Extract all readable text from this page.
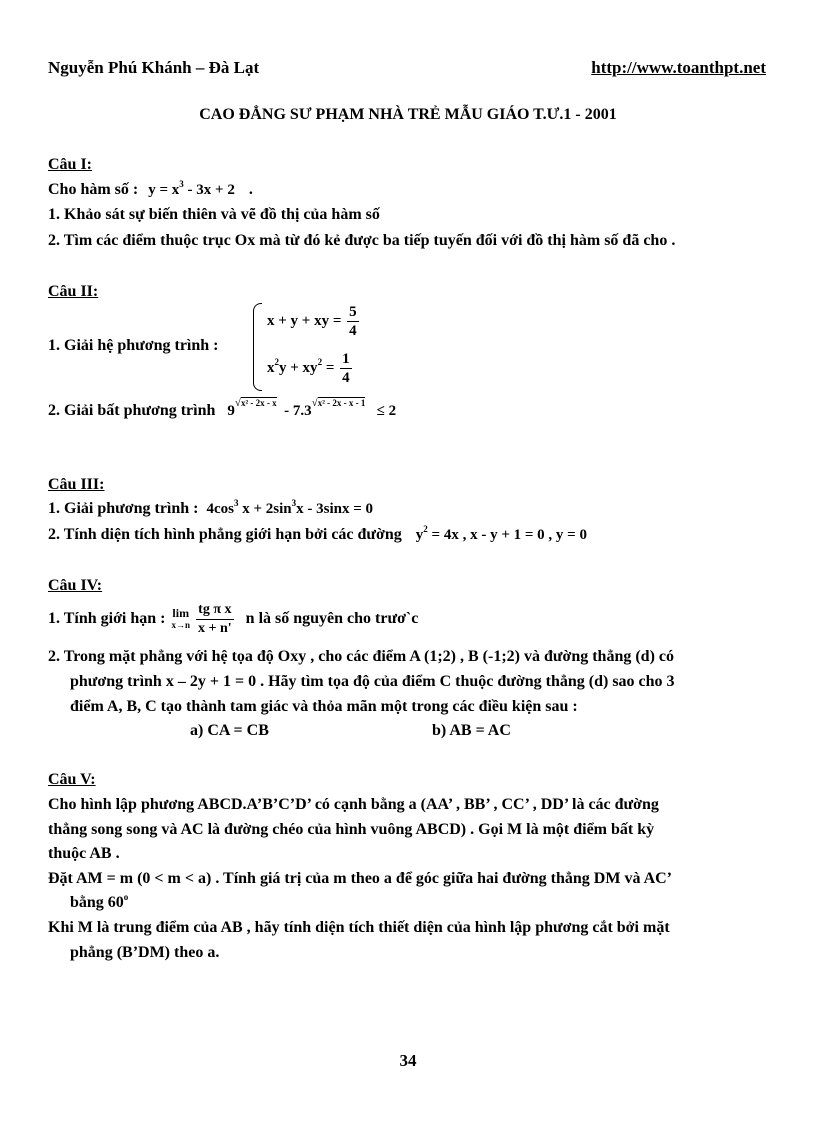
Nguyễn Phú Khánh – Đà Lạt	http://www.toanthpt.net
CAO ĐẲNG SƯ PHẠM NHÀ TRẺ MẪU GIÁO T.Ư.1 - 2001
Câu I:
Cho hàm số : $y = x^3 - 3x + 2$ .
1. Khảo sát sự biến thiên và vẽ đồ thị của hàm số
2. Tìm các điểm thuộc trục Ox mà từ đó kẻ được ba tiếp tuyến đối với đồ thị hàm số đã cho .
Câu II:
1. Giải hệ phương trình :
x + y + xy = $\frac{5}{4}$
$x^2y + xy^2 = \frac{1}{4}$
2. Giải bất phương trình $9^{√x^2 - 2x - x} - 7.3^{√x^2 - 2x - x - 1} \le 2$
Câu III:
1. Giải phương trình : $4\cos^3$ $x + 2\sin^3x - 3\sin x = 0$
2. Tính diện tích hình phẳng giới hạn bởi các đường $y^2 = 4x$ , x - y + 1 = 0 , y = 0
Câu IV:
1. Tính giới hạn : lim
$x\to n \frac{\text{tg π x}}{x + n'}$ n là số nguyên cho trươ`c
2. Trong mặt phẳng với hệ tọa độ Oxy , cho các điểm A (1;2) , B (-1;2) và đường thẳng (d) có
phương trình x – 2y + 1 = 0 . Hãy tìm tọa độ của điểm C thuộc đường thẳng (d) sao cho 3
điểm A, B, C tạo thành tam giác và thỏa mãn một trong các điều kiện sau :
a) CA = CB	b) AB = AC
Câu V:
Cho hình lập phương ABCD.A’B’C’D’ có cạnh bằng a (AA’ , BB’ , CC’ , DD’ là các đường
thẳng song song và AC là đường chéo của hình vuông ABCD) . Gọi M là một điểm bất kỳ
thuộc AB .
Đặt AM = m (0 < m < a) . Tính giá trị của m theo a để góc giữa hai đường thẳng DM và AC’
bằng 60$^o$
Khi M là trung điểm của AB , hãy tính diện tích thiết diện của hình lập phương cắt bởi mặt
phẳng (B’DM) theo a.
34
